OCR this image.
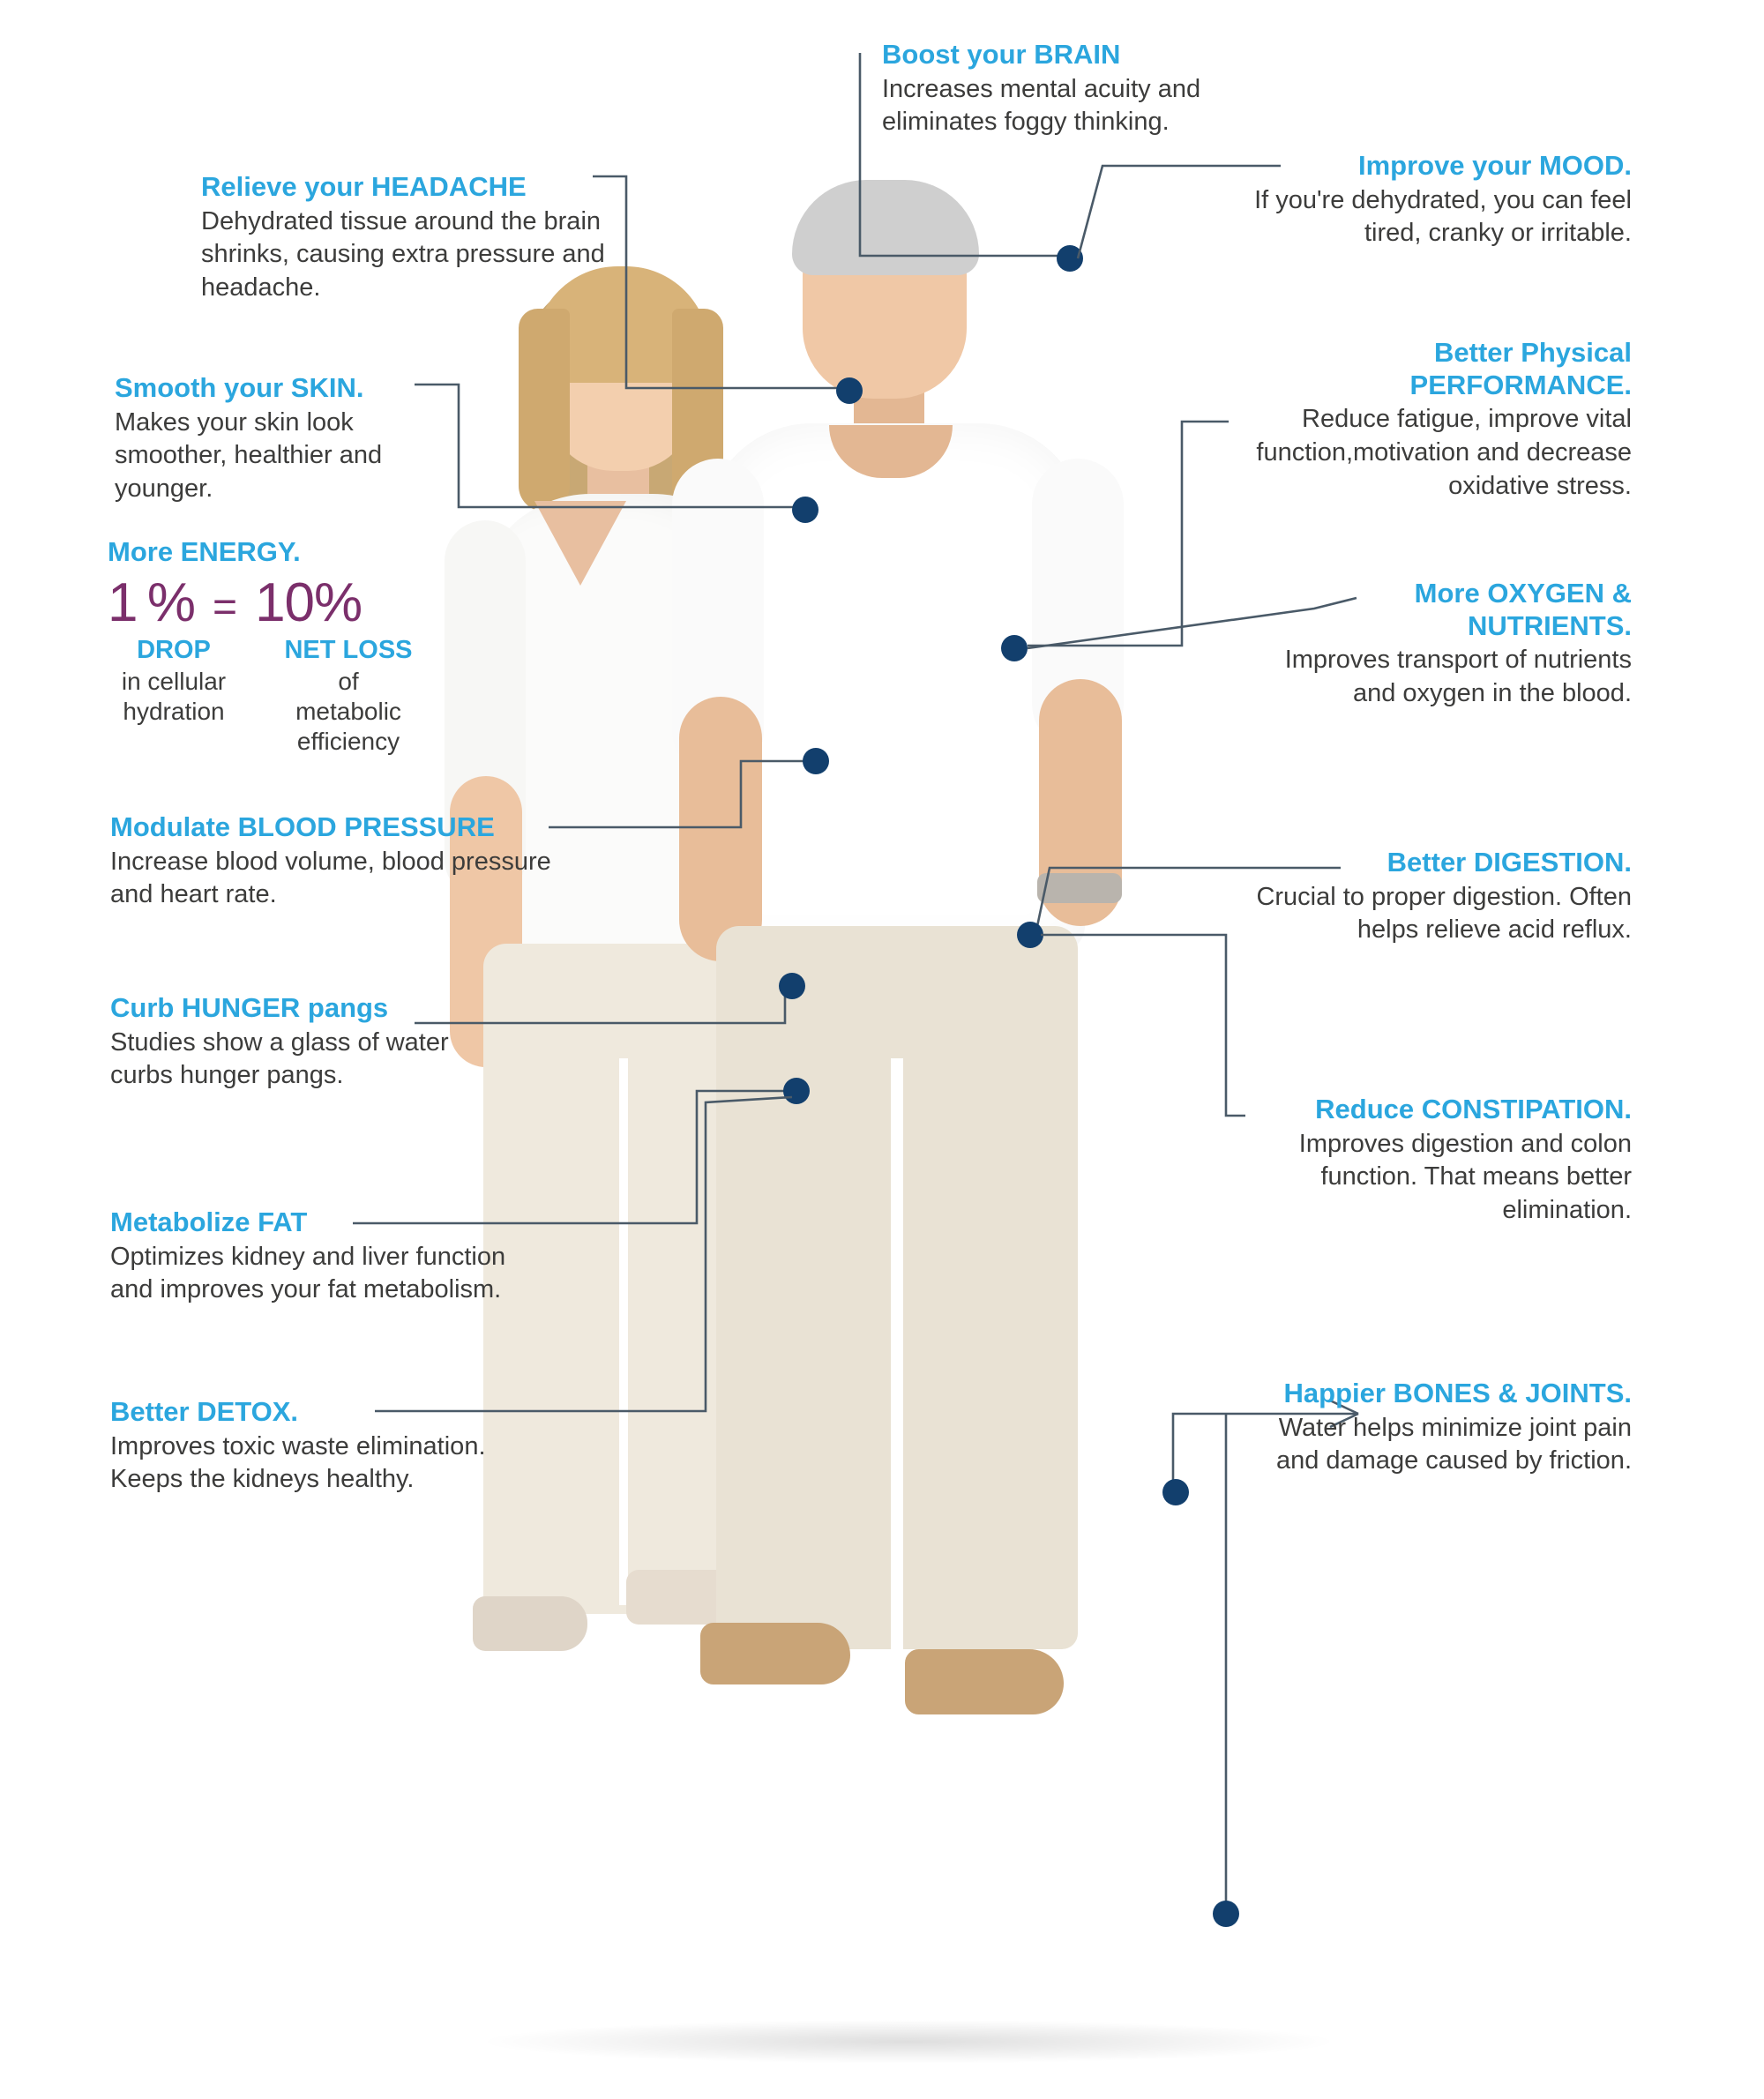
Boost your BRAIN
Increases mental acuity and eliminates foggy thinking.
Improve your MOOD.
If you're dehydrated, you can feel tired, cranky or irritable.
Relieve your HEADACHE
Dehydrated tissue around the brain shrinks, causing extra pressure and headache.
Smooth your SKIN.
Makes your skin look smoother, healthier and younger.
Better Physical PERFORMANCE.
Reduce fatigue, improve vital function,motivation and decrease oxidative stress.
More OXYGEN & NUTRIENTS.
Improves transport of nutrients and oxygen in the blood.
Modulate BLOOD PRESSURE
Increase blood volume, blood pressure and heart rate.
Better DIGESTION.
Crucial to proper digestion. Often helps relieve acid reflux.
Curb HUNGER pangs
Studies show a glass of water curbs hunger pangs.
Reduce CONSTIPATION.
Improves digestion and colon function. That means better elimination.
Metabolize FAT
Optimizes kidney and liver function and improves your fat metabolism.
Better DETOX.
Improves toxic waste elimination. Keeps the kidneys healthy.
Happier BONES & JOINTS.
Water helps minimize joint pain and damage caused by friction.
More ENERGY.
1 % = 10%
DROP
in cellular hydration
NET LOSS
of metabolic efficiency
